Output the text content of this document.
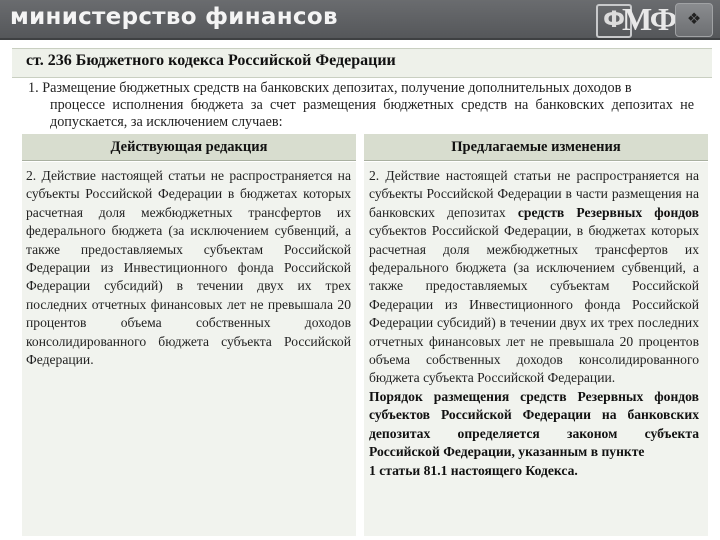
министерство финансов	Ф
МФ ❖
ст. 236 Бюджетного кодекса Российской Федерации
1. Размещение бюджетных средств на банковских депозитах, получение дополнительных доходов в
процессе исполнения бюджета за счет размещения бюджетных средств на банковских депозитах не допускается, за исключением случаев:
Действующая редакция	Предлагаемые изменения

2. Действие настоящей статьи не распространяется на субъекты Российской Федерации в бюджетах которых расчетная доля межбюджетных трансфертов их федерального бюджета (за исключением субвенций, а также предоставляемых субъектам Российской Федерации из Инвестиционного фонда Российской Федерации субсидий) в течении двух их трех последних отчетных финансовых лет не превышала 20 процентов объема собственных доходов консолидированного бюджета субъекта Российской Федерации.

2. Действие настоящей статьи не распространяется на субъекты Российской Федерации в части размещения на банковских депозитах средств Резервных фондов субъектов Российской Федерации, в бюджетах которых расчетная доля межбюджетных трансфертов их федерального бюджета (за исключением субвенций, а также предоставляемых субъектам Российской Федерации из Инвестиционного фонда Российской Федерации субсидий) в течении двух их трех последних отчетных финансовых лет не превышала 20 процентов объема собственных доходов консолидированного бюджета субъекта Российской Федерации.

Порядок размещения средств Резервных фондов субъектов Российской Федерации на банковских депозитах определяется законом субъекта Российской Федерации, указанным в пункте

1 статьи 81.1 настоящего Кодекса.
